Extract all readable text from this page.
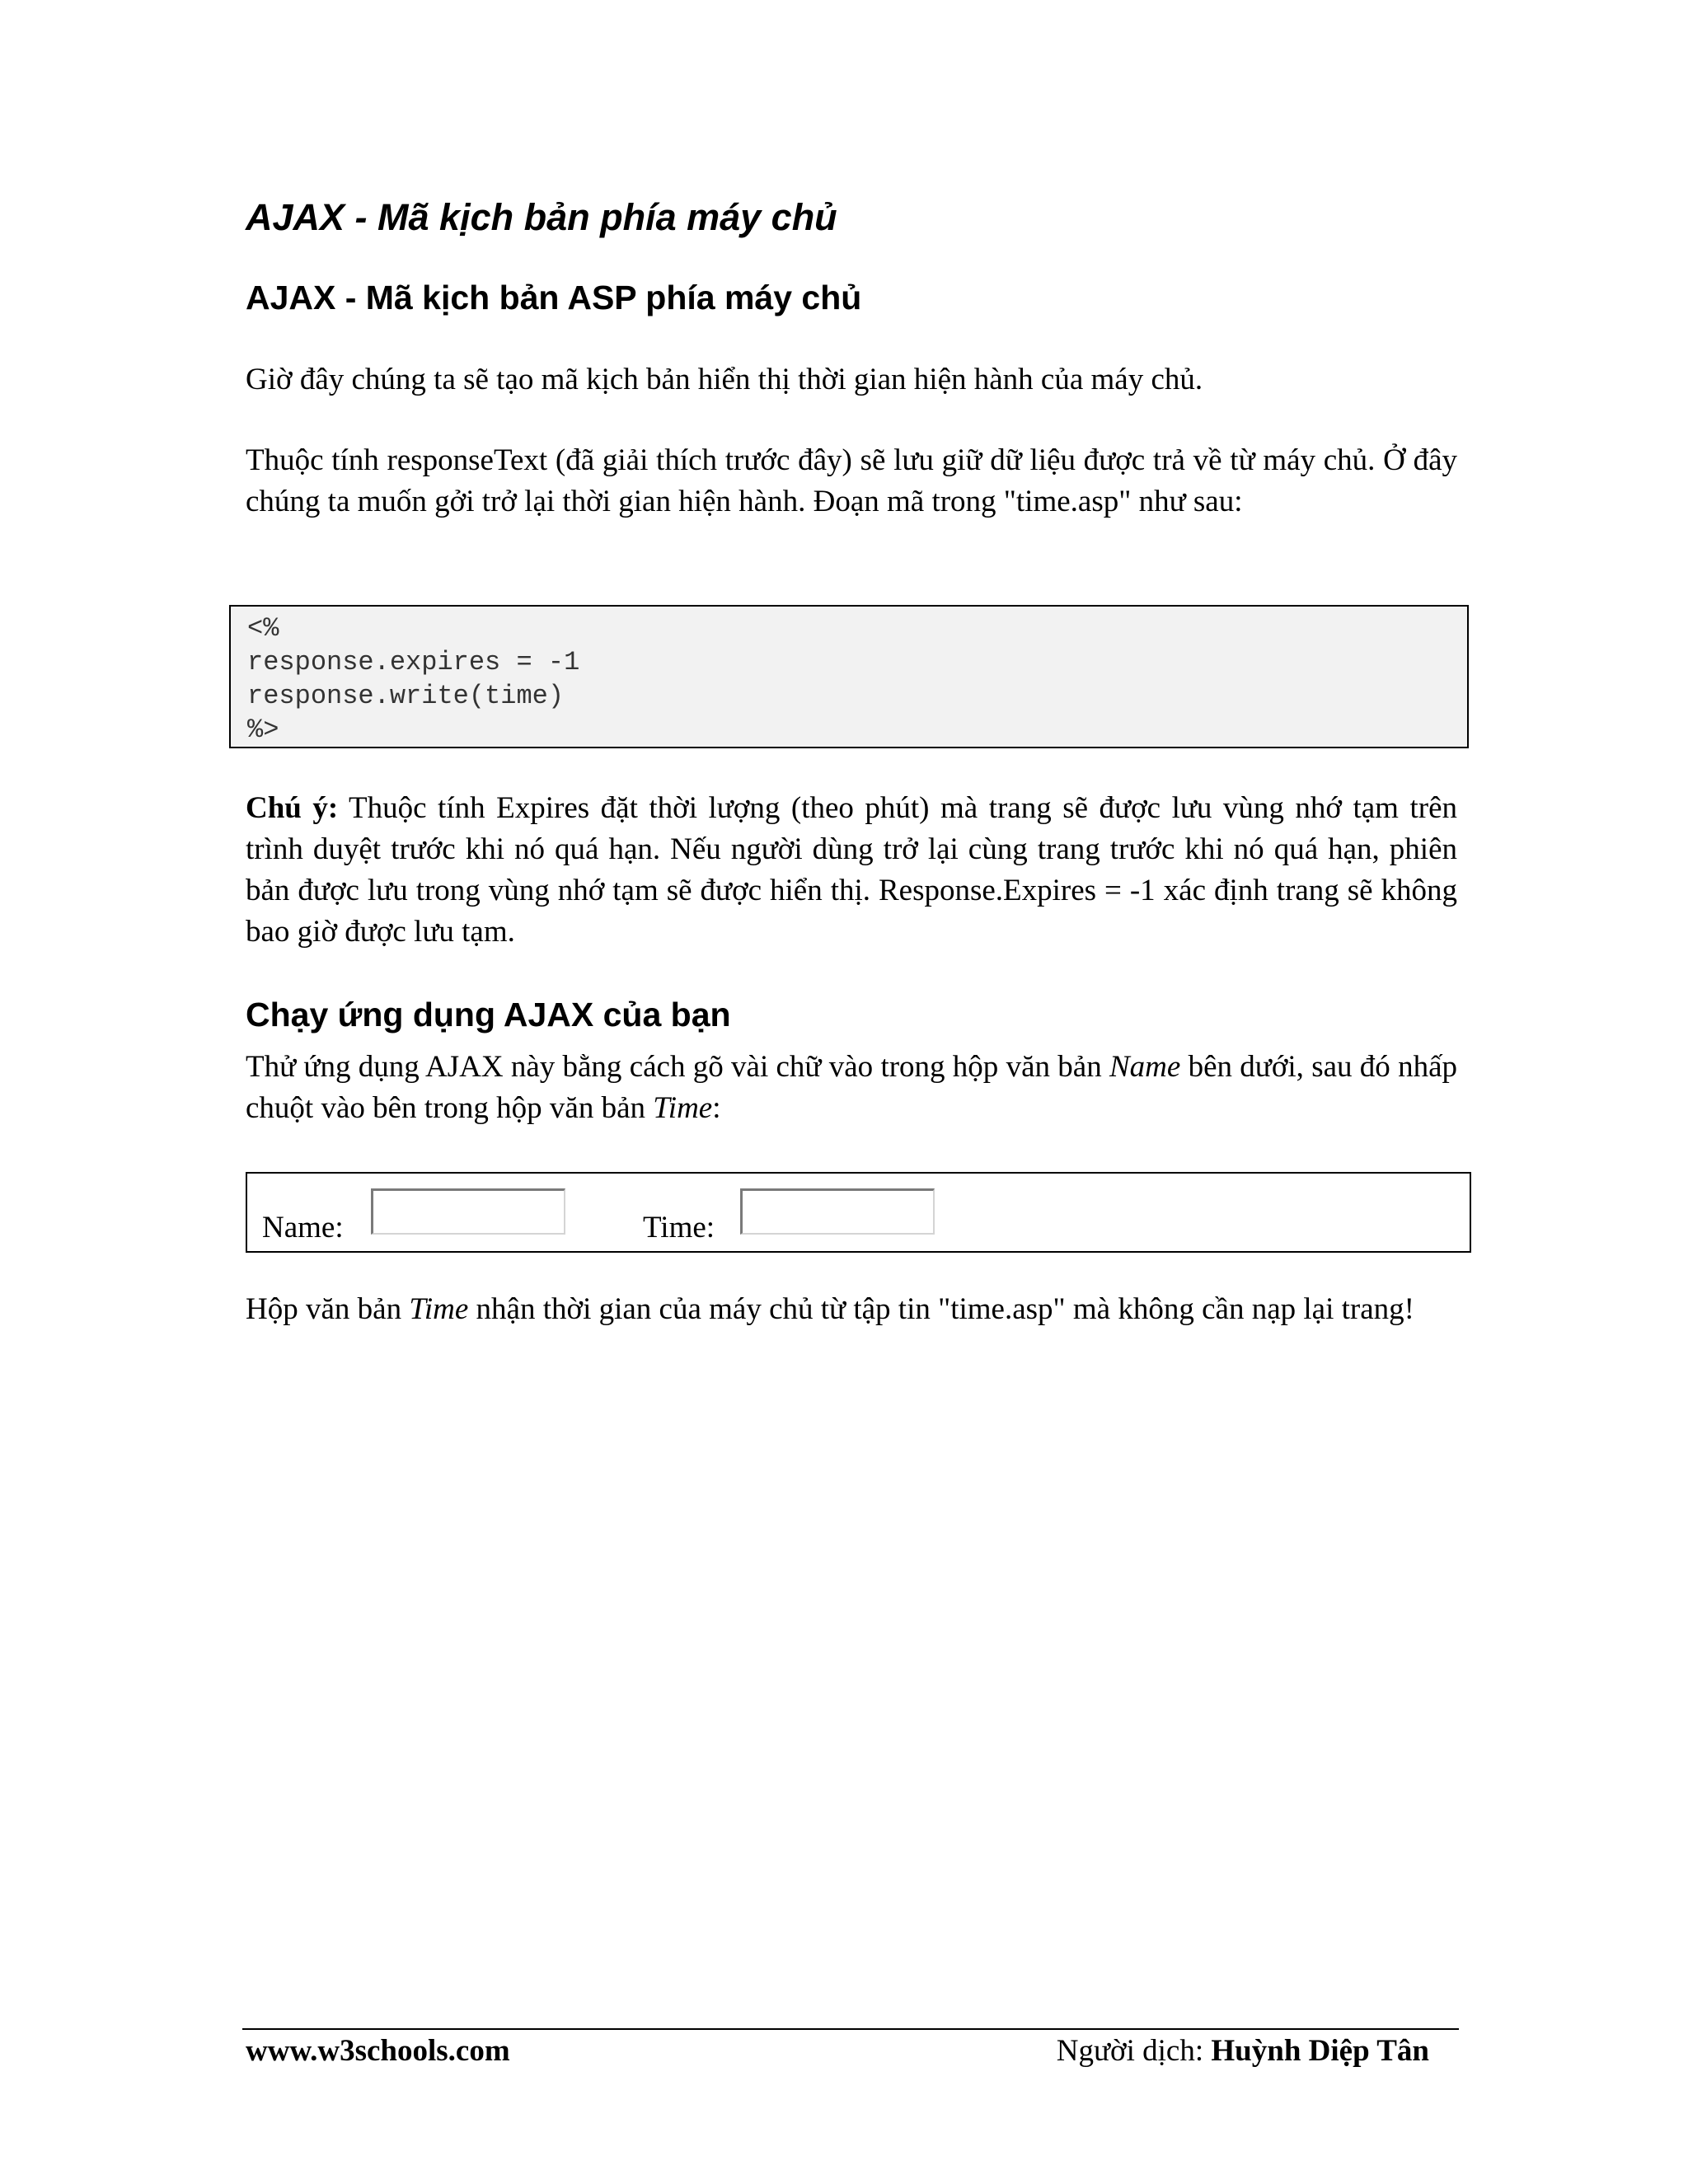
AJAX - Mã kịch bản phía máy chủ
AJAX - Mã kịch bản ASP phía máy chủ

Giờ đây chúng ta sẽ tạo mã kịch bản hiển thị thời gian hiện hành của máy chủ.

Thuộc tính responseText (đã giải thích trước đây) sẽ lưu giữ dữ liệu được trả về từ máy chủ. Ở đây chúng ta muốn gởi trở lại thời gian hiện hành. Đoạn mã trong "time.asp" như sau:

<%
response.expires = -1
response.write(time)
%>

Chú ý: Thuộc tính Expires đặt thời lượng (theo phút) mà trang sẽ được lưu vùng nhớ tạm trên trình duyệt trước khi nó quá hạn. Nếu người dùng trở lại cùng trang trước khi nó quá hạn, phiên bản được lưu trong vùng nhớ tạm sẽ được hiển thị. Response.Expires = -1 xác định trang sẽ không bao giờ được lưu tạm.

Chạy ứng dụng AJAX của bạn

Thử ứng dụng AJAX này bằng cách gõ vài chữ vào trong hộp văn bản Name bên dưới, sau đó nhấp chuột vào bên trong hộp văn bản Time:

Name:	Time:

Hộp văn bản Time nhận thời gian của máy chủ từ tập tin "time.asp" mà không cần nạp lại trang!

www.w3schools.com	Người dịch: Huỳnh Diệp Tân
